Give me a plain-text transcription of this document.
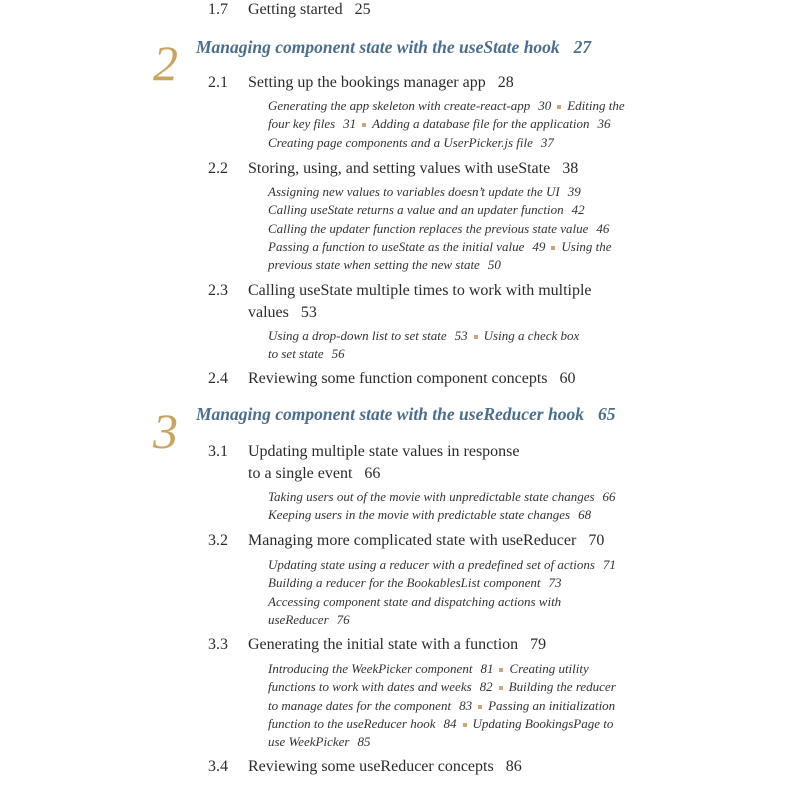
1.7 Getting started 25
2 Managing component state with the useState hook 27
2.1 Setting up the bookings manager app 28
Generating the app skeleton with create-react-app 30 Editing the
four key files 31 Adding a database file for the application 36
Creating page components and a UserPicker.js file 37
2.2 Storing, using, and setting values with useState 38
Assigning new values to variables doesn’t update the UI 39
Calling useState returns a value and an updater function 42
Calling the updater function replaces the previous state value 46
Passing a function to useState as the initial value 49 Using the
previous state when setting the new state 50
2.3 Calling useState multiple times to work with multiple
values 53
Using a drop-down list to set state 53 Using a check box
to set state 56
2.4 Reviewing some function component concepts 60
3 Managing component state with the useReducer hook 65
3.1 Updating multiple state values in response
to a single event 66
Taking users out of the movie with unpredictable state changes 66
Keeping users in the movie with predictable state changes 68
3.2 Managing more complicated state with useReducer 70
Updating state using a reducer with a predefined set of actions 71
Building a reducer for the BookablesList component 73
Accessing component state and dispatching actions with
useReducer 76
3.3 Generating the initial state with a function 79
Introducing the WeekPicker component 81 Creating utility
functions to work with dates and weeks 82 Building the reducer
to manage dates for the component 83 Passing an initialization
function to the useReducer hook 84 Updating BookingsPage to
use WeekPicker 85
3.4 Reviewing some useReducer concepts 86
